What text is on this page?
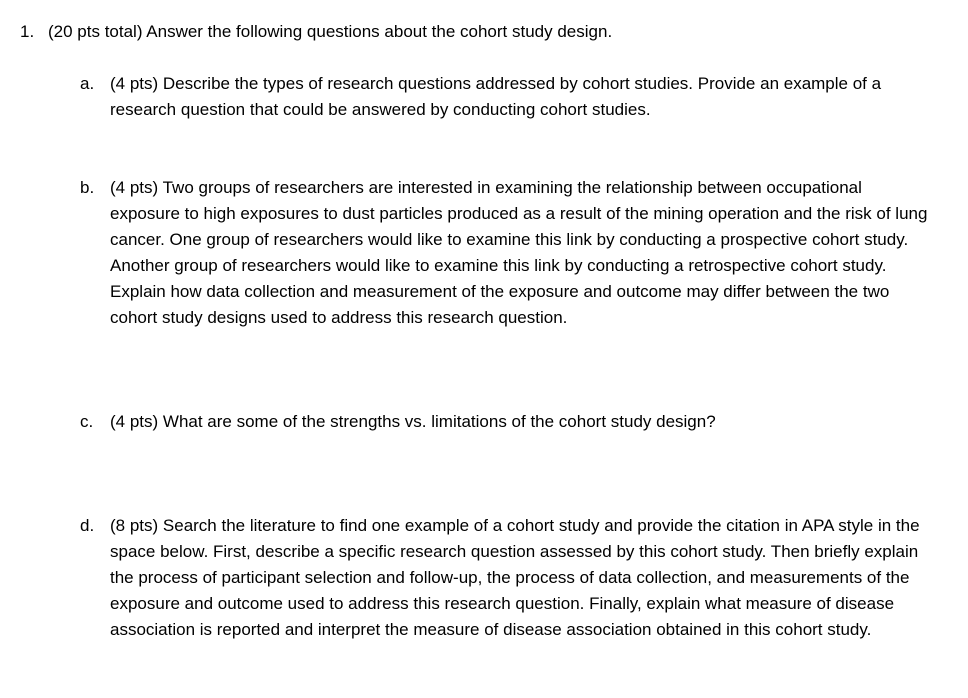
1. (20 pts total) Answer the following questions about the cohort study design.
a. (4 pts) Describe the types of research questions addressed by cohort studies. Provide an example of a research question that could be answered by conducting cohort studies.
b. (4 pts) Two groups of researchers are interested in examining the relationship between occupational exposure to high exposures to dust particles produced as a result of the mining operation and the risk of lung cancer. One group of researchers would like to examine this link by conducting a prospective cohort study. Another group of researchers would like to examine this link by conducting a retrospective cohort study. Explain how data collection and measurement of the exposure and outcome may differ between the two cohort study designs used to address this research question.
c. (4 pts) What are some of the strengths vs. limitations of the cohort study design?
d. (8 pts) Search the literature to find one example of a cohort study and provide the citation in APA style in the space below. First, describe a specific research question assessed by this cohort study. Then briefly explain the process of participant selection and follow-up, the process of data collection, and measurements of the exposure and outcome used to address this research question. Finally, explain what measure of disease association is reported and interpret the measure of disease association obtained in this cohort study.
